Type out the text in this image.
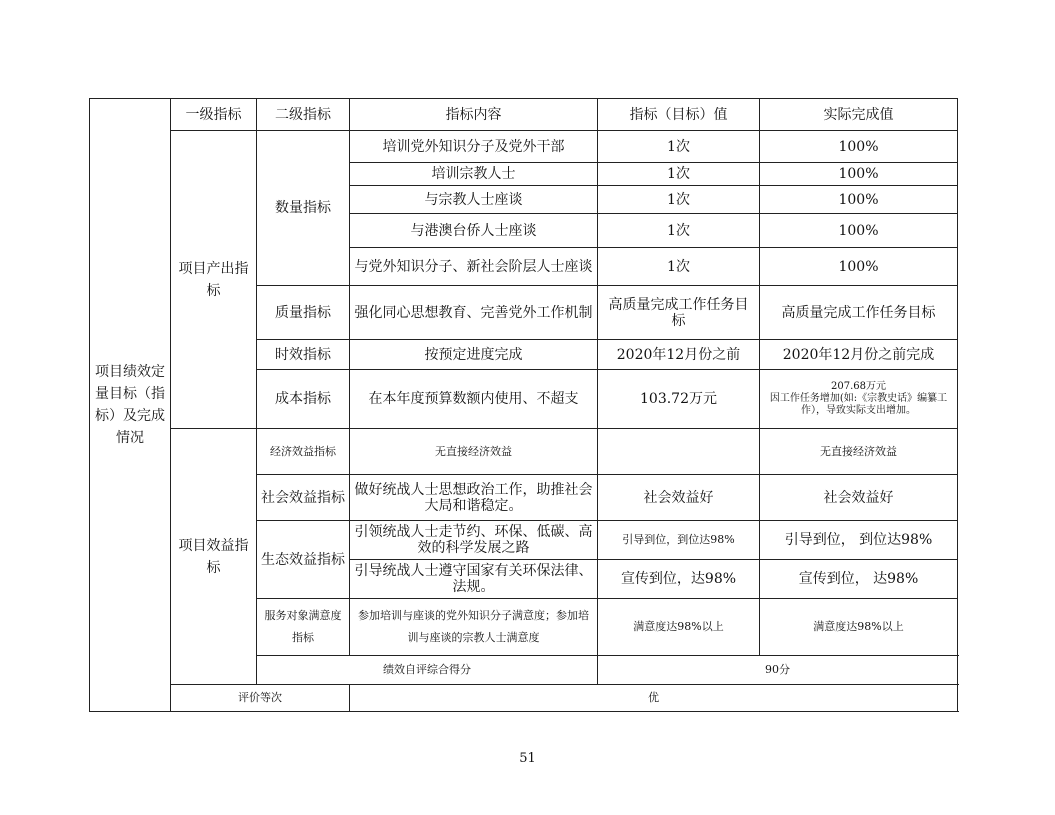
项目绩效定量目标（指标）及完成情况	一级指标	二级指标	指标内容	指标（目标）值	实际完成值
	项目产出指标	数量指标	培训党外知识分子及党外干部	1次	100%
			培训宗教人士	1次	100%
			与宗教人士座谈	1次	100%
			与港澳台侨人士座谈	1次	100%
			与党外知识分子、新社会阶层人士座谈	1次	100%
		质量指标	强化同心思想教育、完善党外工作机制	高质量完成工作任务目标	高质量完成工作任务目标
		时效指标	按预定进度完成	2020年12月份之前	2020年12月份之前完成
		成本指标	在本年度预算数额内使用、不超支	103.72万元	207.68万元
因工作任务增加(如:《宗教史话》编纂工作），导致实际支出增加。

	项目效益指标	经济效益指标	无直接经济效益		无直接经济效益
		社会效益指标	做好统战人士思想政治工作，助推社会大局和谐稳定。	社会效益好	社会效益好
		生态效益指标	引领统战人士走节约、环保、低碳、高效的科学发展之路	引导到位，到位达98%	引导到位， 到位达98%
			引导统战人士遵守国家有关环保法律、法规。	宣传到位，达98%	宣传到位， 达98%
		服务对象满意度指标	参加培训与座谈的党外知识分子满意度；参加培训与座谈的宗教人士满意度	满意度达98%以上	满意度达98%以上
		绩效自评综合得分		90分	
	评价等次		优		
51
